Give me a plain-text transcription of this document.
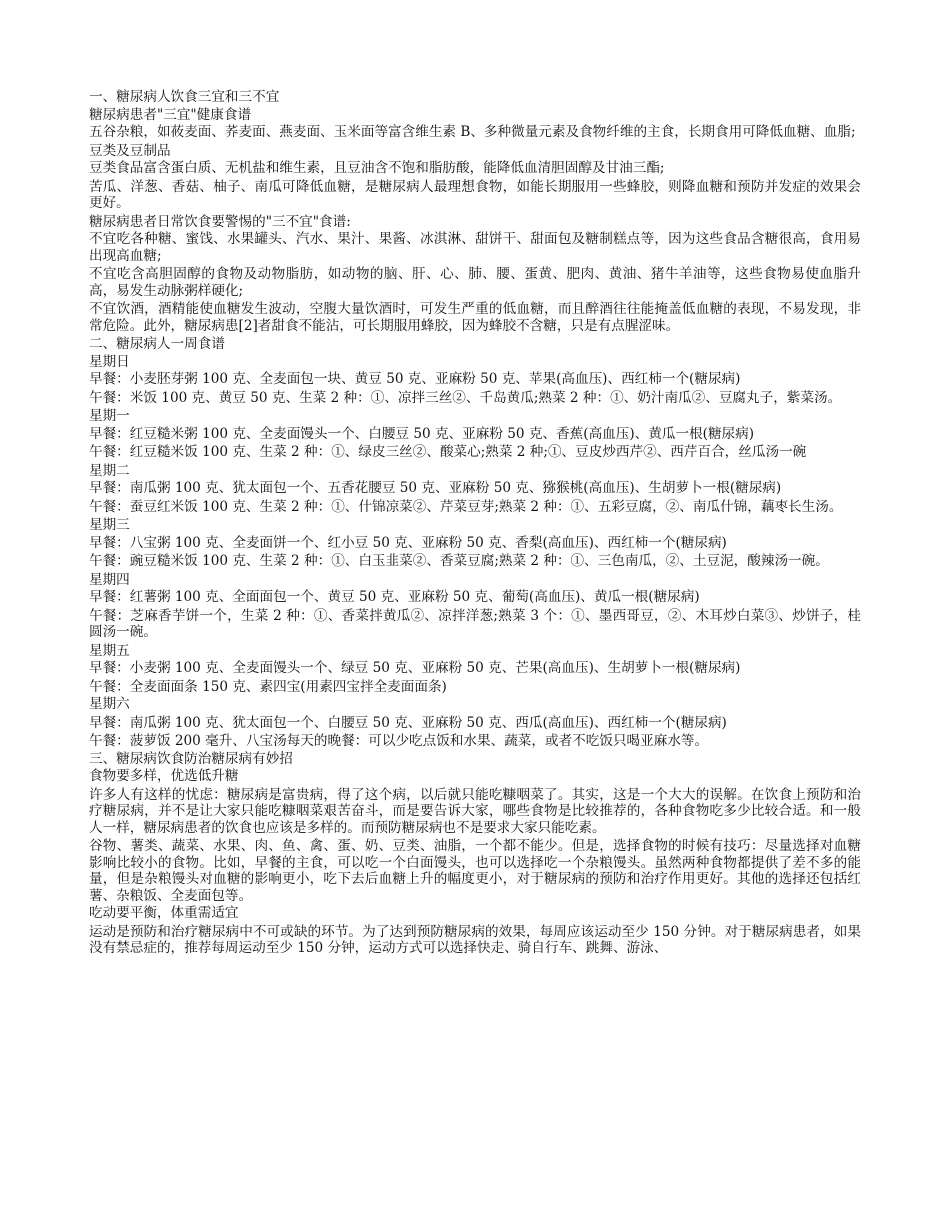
一、糖尿病人饮食三宜和三不宜

糖尿病患者"三宜"健康食谱

五谷杂粮，如莜麦面、荞麦面、燕麦面、玉米面等富含维生素 B、多种微量元素及食物纤维的主食，长期食用可降低血糖、血脂;

豆类及豆制品

豆类食品富含蛋白质、无机盐和维生素，且豆油含不饱和脂肪酸，能降低血清胆固醇及甘油三酯;

苦瓜、洋葱、香菇、柚子、南瓜可降低血糖，是糖尿病人最理想食物，如能长期服用一些蜂胶，则降血糖和预防并发症的效果会更好。

糖尿病患者日常饮食要警惕的"三不宜"食谱:

不宜吃各种糖、蜜饯、水果罐头、汽水、果汁、果酱、冰淇淋、甜饼干、甜面包及糖制糕点等，因为这些食品含糖很高，食用易出现高血糖;

不宜吃含高胆固醇的食物及动物脂肪，如动物的脑、肝、心、肺、腰、蛋黄、肥肉、黄油、猪牛羊油等，这些食物易使血脂升高，易发生动脉粥样硬化;

不宜饮酒，酒精能使血糖发生波动，空腹大量饮酒时，可发生严重的低血糖，而且醉酒往往能掩盖低血糖的表现，不易发现，非常危险。此外，糖尿病患[2]者甜食不能沾，可长期服用蜂胶，因为蜂胶不含糖，只是有点腥涩味。

二、糖尿病人一周食谱

星期日

早餐：小麦胚芽粥 100 克、全麦面包一块、黄豆 50 克、亚麻粉 50 克、苹果(高血压)、西红柿一个(糖尿病)

午餐：米饭 100 克、黄豆 50 克、生菜 2 种：①、凉拌三丝②、千岛黄瓜;熟菜 2 种：①、奶汁南瓜②、豆腐丸子，紫菜汤。

星期一

早餐：红豆糙米粥 100 克、全麦面馒头一个、白腰豆 50 克、亚麻粉 50 克、香蕉(高血压)、黄瓜一根(糖尿病)

午餐：红豆糙米饭 100 克、生菜 2 种：①、绿皮三丝②、酸菜心;熟菜 2 种;①、豆皮炒西芹②、西芹百合，丝瓜汤一碗

星期二

早餐：南瓜粥 100 克、犹太面包一个、五香花腰豆 50 克、亚麻粉 50 克、猕猴桃(高血压)、生胡萝卜一根(糖尿病)

午餐：蚕豆红米饭 100 克、生菜 2 种：①、什锦凉菜②、芹菜豆芽;熟菜 2 种：①、五彩豆腐，②、南瓜什锦，藕枣长生汤。

星期三

早餐：八宝粥 100 克、全麦面饼一个、红小豆 50 克、亚麻粉 50 克、香梨(高血压)、西红柿一个(糖尿病)

午餐：豌豆糙米饭 100 克、生菜 2 种：①、白玉韭菜②、香菜豆腐;熟菜 2 种：①、三色南瓜，②、土豆泥，酸辣汤一碗。

星期四

早餐：红薯粥 100 克、全面面包一个、黄豆 50 克、亚麻粉 50 克、葡萄(高血压)、黄瓜一根(糖尿病)

午餐：芝麻香芋饼一个，生菜 2 种：①、香菜拌黄瓜②、凉拌洋葱;熟菜 3 个：①、墨西哥豆，②、木耳炒白菜③、炒饼子，桂圆汤一碗。

星期五

早餐：小麦粥 100 克、全麦面馒头一个、绿豆 50 克、亚麻粉 50 克、芒果(高血压)、生胡萝卜一根(糖尿病)

午餐：全麦面面条 150 克、素四宝(用素四宝拌全麦面面条)

星期六

早餐：南瓜粥 100 克、犹太面包一个、白腰豆 50 克、亚麻粉 50 克、西瓜(高血压)、西红柿一个(糖尿病)

午餐：菠萝饭 200 毫升、八宝汤每天的晚餐：可以少吃点饭和水果、蔬菜，或者不吃饭只喝亚麻水等。

三、糖尿病饮食防治糖尿病有妙招

食物要多样，优选低升糖

许多人有这样的忧虑：糖尿病是富贵病，得了这个病，以后就只能吃糠咽菜了。其实，这是一个大大的误解。在饮食上预防和治疗糖尿病，并不是让大家只能吃糠咽菜艰苦奋斗，而是要告诉大家，哪些食物是比较推荐的，各种食物吃多少比较合适。和一般人一样，糖尿病患者的饮食也应该是多样的。而预防糖尿病也不是要求大家只能吃素。

谷物、薯类、蔬菜、水果、肉、鱼、禽、蛋、奶、豆类、油脂，一个都不能少。但是，选择食物的时候有技巧：尽量选择对血糖影响比较小的食物。比如，早餐的主食，可以吃一个白面馒头，也可以选择吃一个杂粮馒头。虽然两种食物都提供了差不多的能量，但是杂粮馒头对血糖的影响更小，吃下去后血糖上升的幅度更小，对于糖尿病的预防和治疗作用更好。其他的选择还包括红薯、杂粮饭、全麦面包等。

吃动要平衡，体重需适宜

运动是预防和治疗糖尿病中不可或缺的环节。为了达到预防糖尿病的效果，每周应该运动至少 150 分钟。对于糖尿病患者，如果没有禁忌症的，推荐每周运动至少 150 分钟，运动方式可以选择快走、骑自行车、跳舞、游泳、
